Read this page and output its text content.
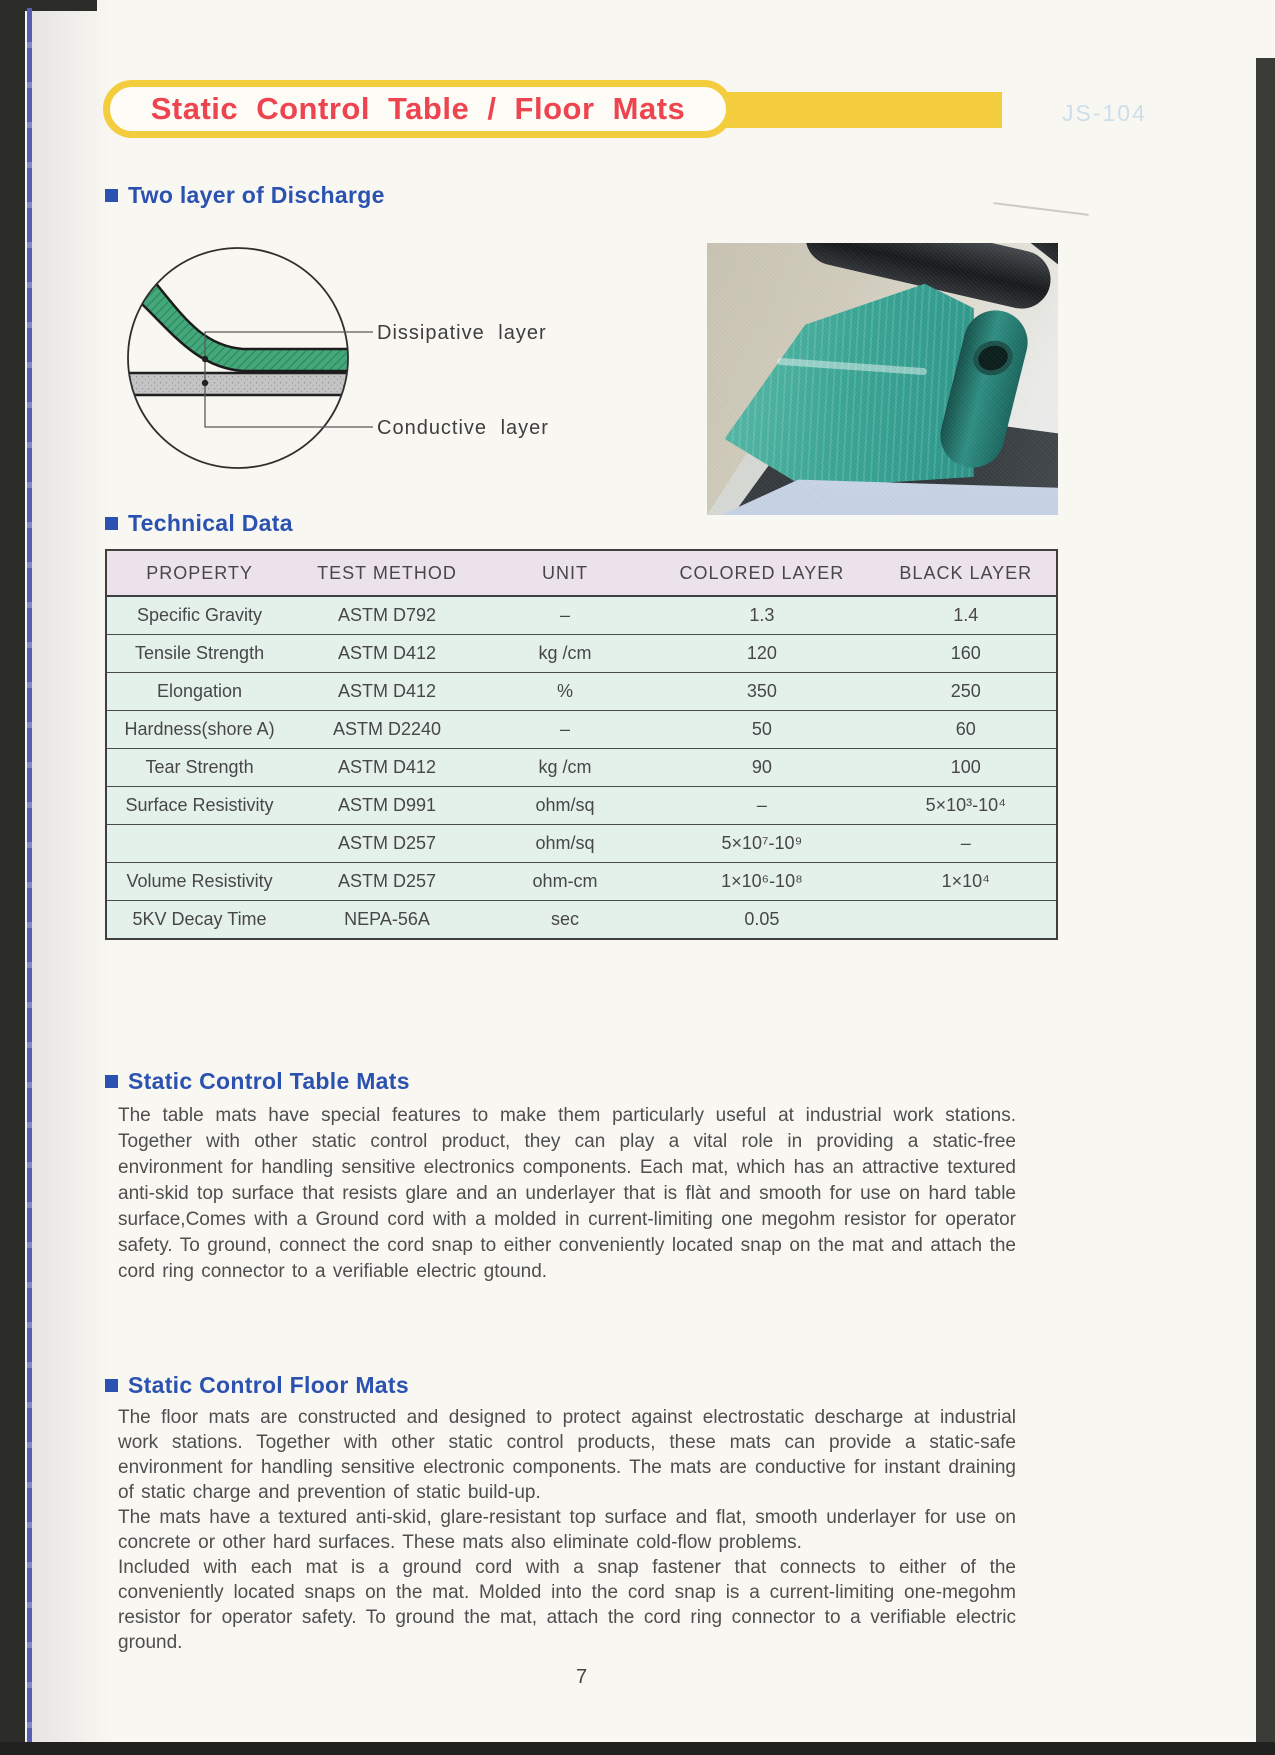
Static Control Table / Floor Mats	JS-104
Two layer of Discharge
Dissipative layer
Conductive layer
Technical Data
PROPERTY	TEST METHOD	UNIT	COLORED LAYER	BLACK LAYER
Specific Gravity	ASTM D792	–	1.3	1.4
Tensile Strength	ASTM D412	kg /cm	120	160
Elongation	ASTM D412	%	350	250
Hardness(shore A)	ASTM D2240	–	50	60
Tear Strength	ASTM D412	kg /cm	90	100
Surface Resistivity	ASTM D991	ohm/sq	–	5×10³-10⁴
	ASTM D257	ohm/sq	5×10⁷-10⁹	–
Volume Resistivity	ASTM D257	ohm-cm	1×10⁶-10⁸	1×10⁴
5KV Decay Time	NEPA-56A	sec	0.05	
Static Control Table Mats

The table mats have special features to make them particularly useful at industrial work stations. Together with other static control product, they can play a vital role in providing a static-free environment for handling sensitive electronics components. Each mat, which has an attractive textured anti-skid top surface that resists glare and an underlayer that is flàt and smooth for use on hard table surface,Comes with a Ground cord with a molded in current-limiting one megohm resistor for operator safety. To ground, connect the cord snap to either conveniently located snap on the mat and attach the cord ring connector to a verifiable electric gtound.

Static Control Floor Mats

The floor mats are constructed and designed to protect against electrostatic descharge at industrial work stations. Together with other static control products, these mats can provide a static-safe environment for handling sensitive electronic components. The mats are conductive for instant draining of static charge and prevention of static build-up.

The mats have a textured anti-skid, glare-resistant top surface and flat, smooth underlayer for use on concrete or other hard surfaces. These mats also eliminate cold-flow problems.

Included with each mat is a ground cord with a snap fastener that connects to either of the conveniently located snaps on the mat. Molded into the cord snap is a current-limiting one-megohm resistor for operator safety. To ground the mat, attach the cord ring connector to a verifiable electric ground.

7
